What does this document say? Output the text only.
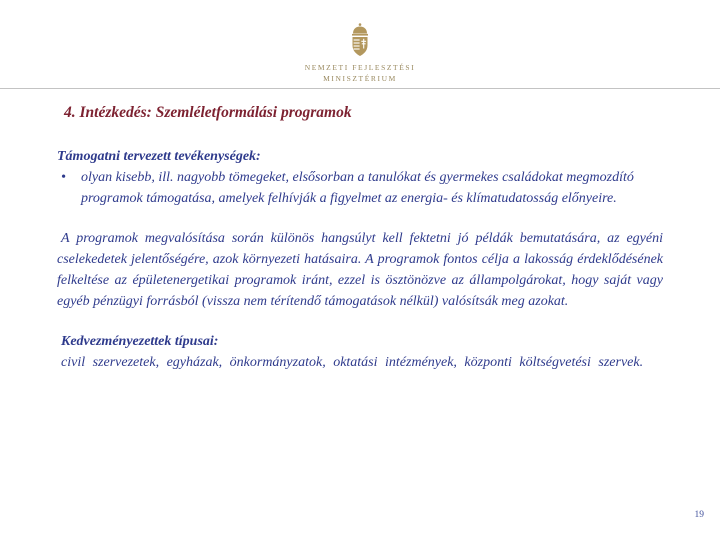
NEMZETI FEJLESZTÉSI
MINISZTÉRIUM
4. Intézkedés: Szemléletformálási programok
Támogatni tervezett tevékenységek:
•	olyan kisebb, ill. nagyobb tömegeket, elsősorban a tanulókat és gyermekes családokat megmozdító programok támogatása, amelyek felhívják a figyelmet az energia- és klímatudatosság előnyeire.
A programok megvalósítása során különös hangsúlyt kell fektetni jó példák bemutatására, az egyéni cselekedetek jelentőségére, azok környezeti hatásaira. A programok fontos célja a lakosság érdeklődésének felkeltése az épületenergetikai programok iránt, ezzel is ösztönözve az állampolgárokat, hogy saját vagy egyéb pénzügyi forrásból (vissza nem térítendő támogatások nélkül) valósítsák meg azokat.
Kedvezményezettek típusai:
civil szervezetek, egyházak, önkormányzatok, oktatási intézmények, központi költségvetési szervek.
19
